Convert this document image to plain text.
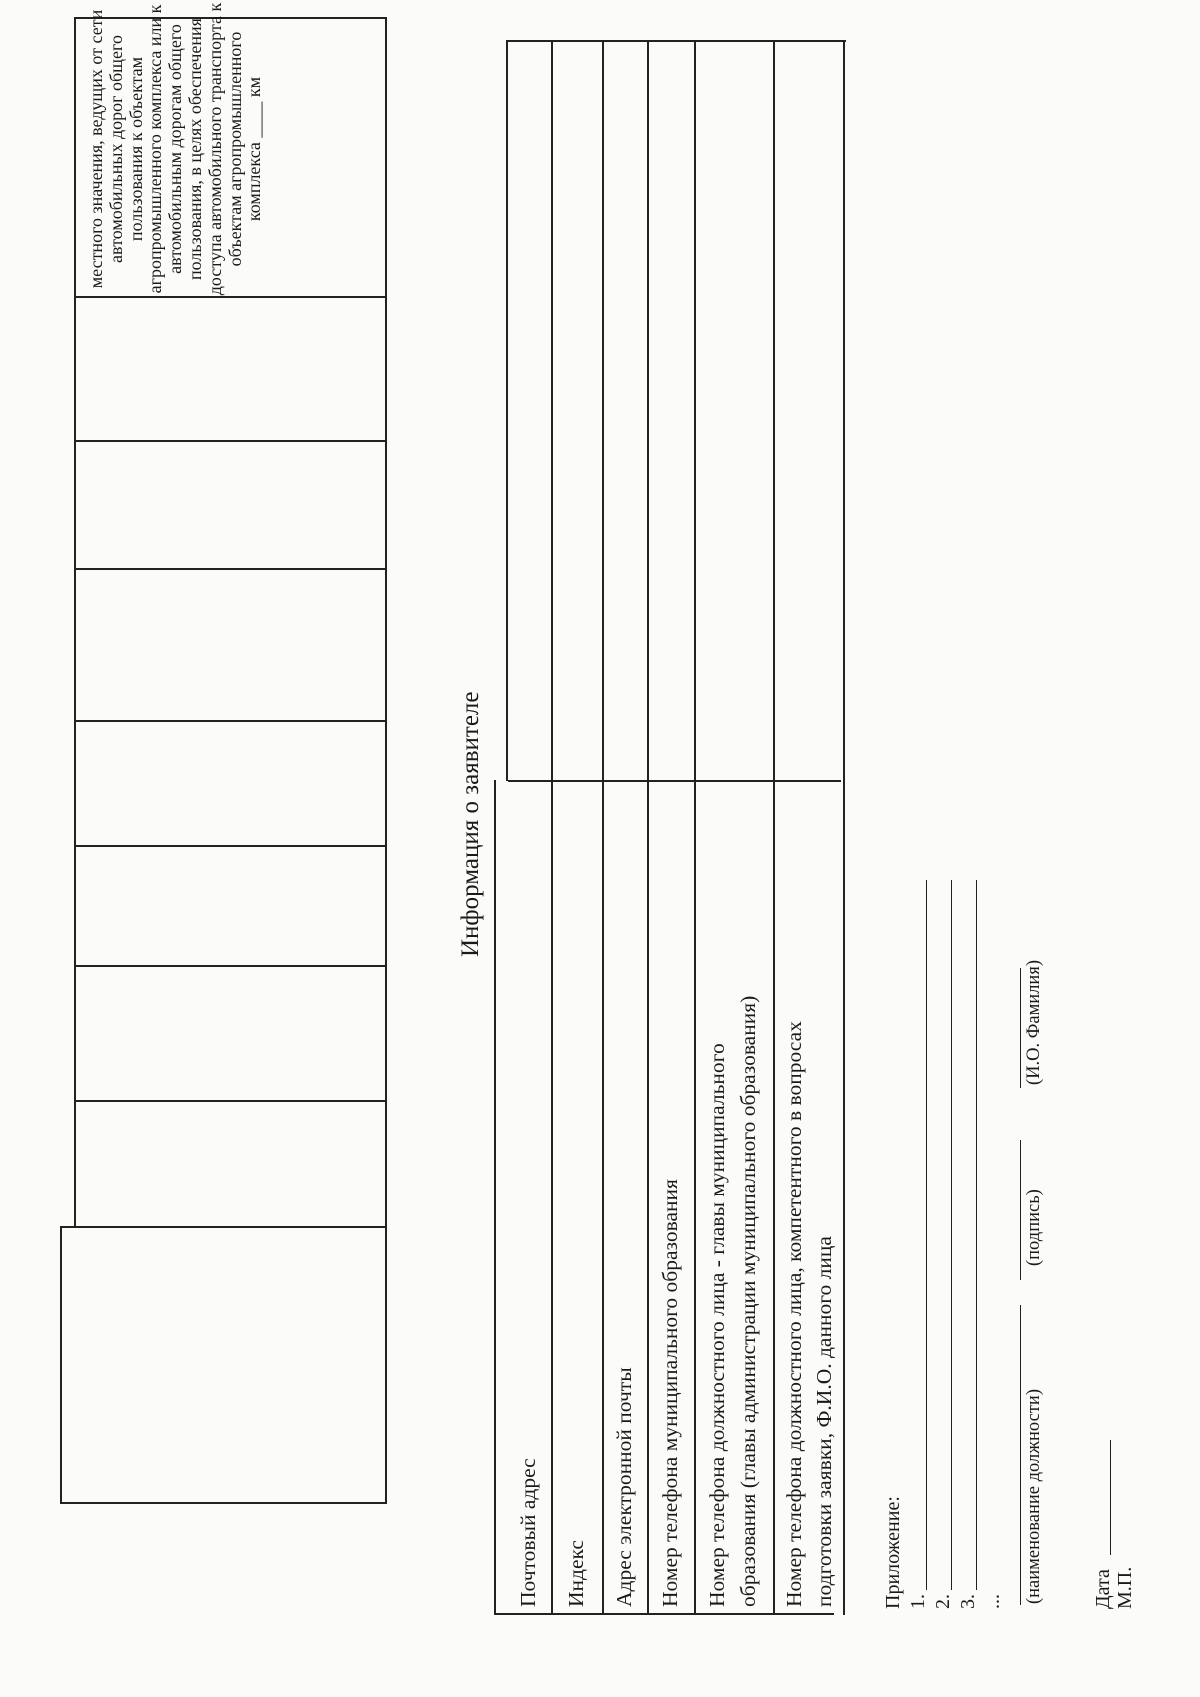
местного значения, ведущих от сети автомобильных дорог общего пользования к объектам агропромышленного комплекса или к автомобильным дорогам общего пользования, в целях обеспечения доступа автомобильного транспорта к объектам агропромышленного комплекса ____ км
Информация о заявителе
Почтовый адрес Индекс Адрес электронной почты Номер телефона муниципального образования Номер телефона должностного лица - главы муниципального образования (главы администрации муниципального образования) Номер телефона должностного лица, компетентного в вопросах подготовки заявки, Ф.И.О. данного лица Приложение: 1. 2. 3. ... (наименование должности)
(подпись)
(И.О. Фамилия)
Дата М.П.
